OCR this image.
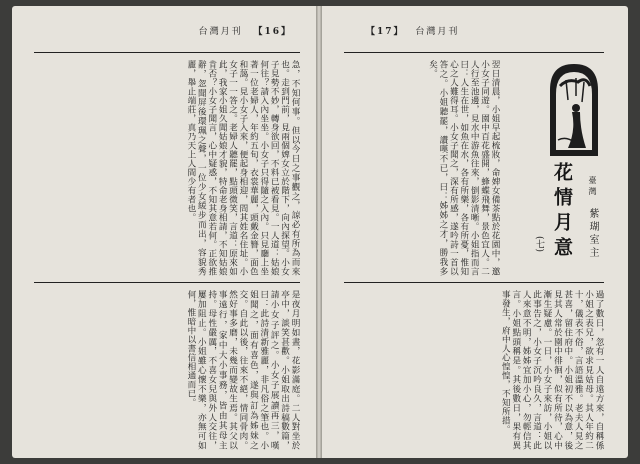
台灣月刊 【16】
急，不知何事。但以今日之事觀之，諒必有所為而來也。走到門前，見兩個婢女立於階下，向內探望。小女子見勢不妙，轉身欲回，不料已被看見。一人道：姑娘何往？請入內坐坐。小女子只得隨之入內。只見廳上坐著一位老婦人，年約五旬，衣裳華麗，頭戴金簪，面色和藹。見小女子入來，便起身相迎，問其姓名住址。小女子一一答之。老婦人聽罷，點頭微笑，言道：原來如此，我家小姐久聞姑娘才貌，特命老身相請，不知姑娘肯否？小女子聞言，心中疑惑，不知其意若何。正欲推辭，忽聞屏後環珮之聲，一位少女緩步而出，容貌秀麗，舉止端莊，真乃天上人間少有者也。
是夜月明如晝，花影滿庭。二人對坐於亭中，談笑甚歡。小姐取出詩稿數篇，請小女子評之。小女子展讀再三，嘆曰：此詩清新雅麗，非凡俗之筆也。小姐聞之，面有喜色，遂與訂為姊妹之交。自此以後，往來不絕，情同骨肉。然好事多磨，未幾而變故生焉。其父以事遠行，家中大小事務，皆由其母主持。母性嚴厲，不喜女兒與外人交往，屢加阻止。小姐雖心懷不樂，亦無可如何，惟暗中以書信相通而已。
【17】 台灣月刊
翌日清晨，小姐早起梳妝，命婢女備茶點於花園中，邀小女子同遊。園中百花盛開，蜂蝶飛舞，景色宜人。二人行至池邊，見水中游魚往來，倒影清晰。小姐指而言曰：人生在世，如魚在水，各有所樂，各有所憂，惟知心之人難得耳。小女子聞之，深有所感，遂吟詩一首以答之。小姐聽罷，讚嘆不已，曰：姊姊之才，勝我多矣。
花情月意	臺灣 紫瑚室主
(七)
過了數日，忽有一人自遠方來，自稱係小姐之表兄，欲求見姑母。其人年約二十，儀表不俗，言語溫雅。老夫人見之甚喜，留住府中。小姐初不以為意，後見其人常於園中徘徊，似有所待，心中漸生疑慮。一日，小女子來訪，小姐以此事告之，小女子沉吟良久，言道：此人來意不明，姊姊宜加小心，勿輕信其言。小姐點頭稱是。其後數日，果有異事發生，府中人心惶惶，不知所措。
